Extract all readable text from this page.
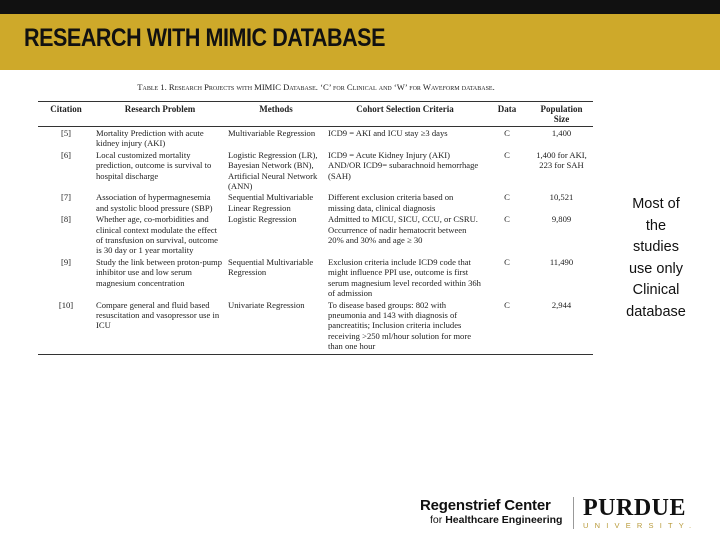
RESEARCH WITH MIMIC DATABASE
Table 1. Research Projects with MIMIC Database. ‘C’ for Clinical and ‘W’ for Waveform database.
Citation	Research Problem	Methods	Cohort Selection Criteria	Data	Population Size
[5]	Mortality Prediction with acute kidney injury (AKI)	Multivariable Regression	ICD9 = AKI and ICU stay ≥3 days	C	1,400
[6]	Local customized mortality prediction, outcome is survival to hospital discharge	Logistic Regression (LR), Bayesian Network (BN), Artificial Neural Network (ANN)	ICD9 = Acute Kidney Injury (AKI) AND/OR ICD9= subarachnoid hemorrhage (SAH)	C	1,400 for AKI, 223 for SAH
[7]	Association of hypermagnesemia and systolic blood pressure (SBP)	Sequential Multivariable Linear Regression	Different exclusion criteria based on missing data, clinical diagnosis	C	10,521
[8]	Whether age, co-morbidities and clinical context modulate the effect of transfusion on survival, outcome is 30 day or 1 year mortality	Logistic Regression	Admitted to MICU, SICU, CCU, or CSRU. Occurrence of nadir hematocrit between 20% and 30% and age ≥ 30	C	9,809
[9]	Study the link between proton-pump inhibitor use and low serum magnesium concentration	Sequential Multivariable Regression	Exclusion criteria include ICD9 code that might influence PPI use, outcome is first serum magnesium level recorded within 36h of admission	C	11,490
[10]	Compare general and fluid based resuscitation and vasopressor use in ICU	Univariate Regression	To disease based groups: 802 with pneumonia and 143 with diagnosis of pancreatitis; Inclusion criteria includes receiving >250 ml/hour solution for more than one hour	C	2,944
Most of
the
studies
use only
Clinical
database
Regenstrief Center
for Healthcare Engineering PURDUE
UNIVERSITY.
